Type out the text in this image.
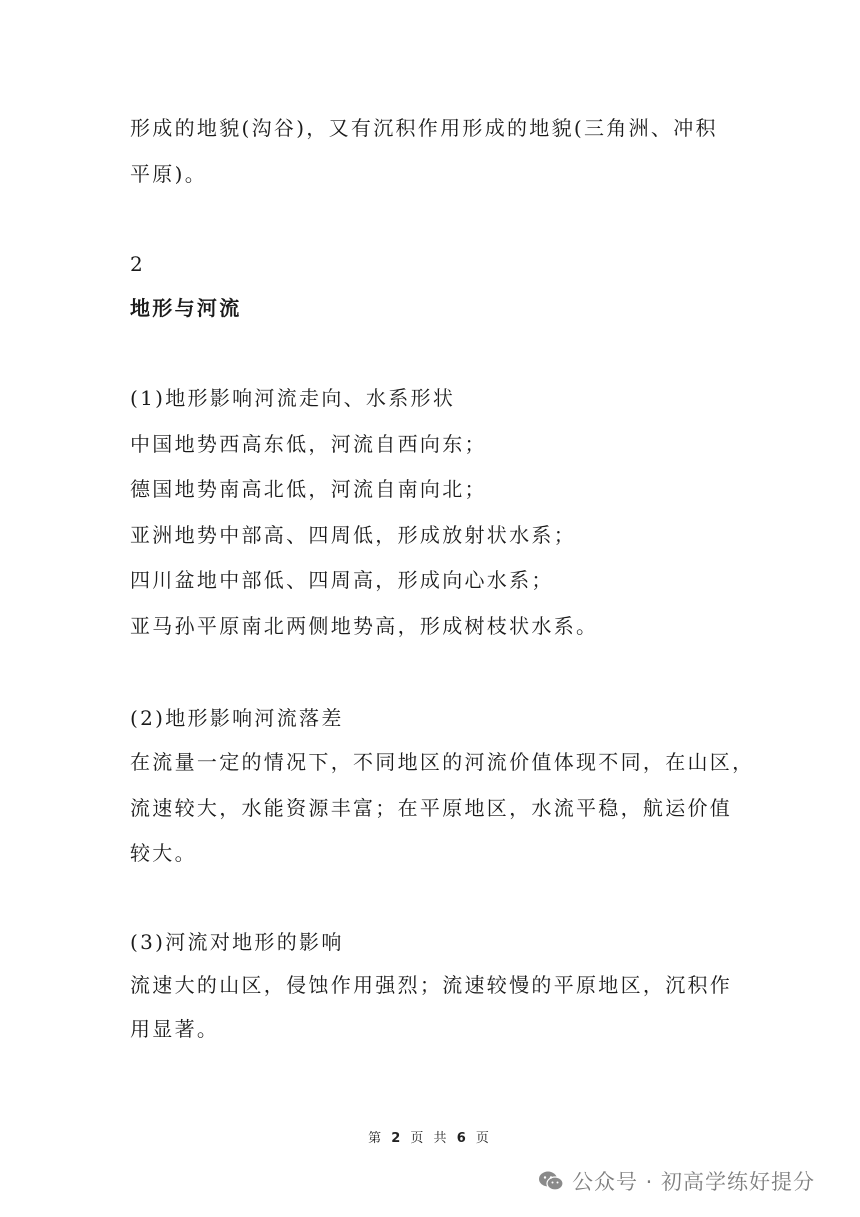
形成的地貌(沟谷)，又有沉积作用形成的地貌(三角洲、冲积
平原)。
2
地形与河流
(1)地形影响河流走向、水系形状
中国地势西高东低，河流自西向东；
德国地势南高北低，河流自南向北；
亚洲地势中部高、四周低，形成放射状水系；
四川盆地中部低、四周高，形成向心水系；
亚马孙平原南北两侧地势高，形成树枝状水系。
(2)地形影响河流落差
在流量一定的情况下，不同地区的河流价值体现不同，在山区，
流速较大，水能资源丰富；在平原地区，水流平稳，航运价值
较大。
(3)河流对地形的影响
流速大的山区，侵蚀作用强烈；流速较慢的平原地区，沉积作
用显著。
第 2 页 共 6 页
公众号 · 初高学练好提分
